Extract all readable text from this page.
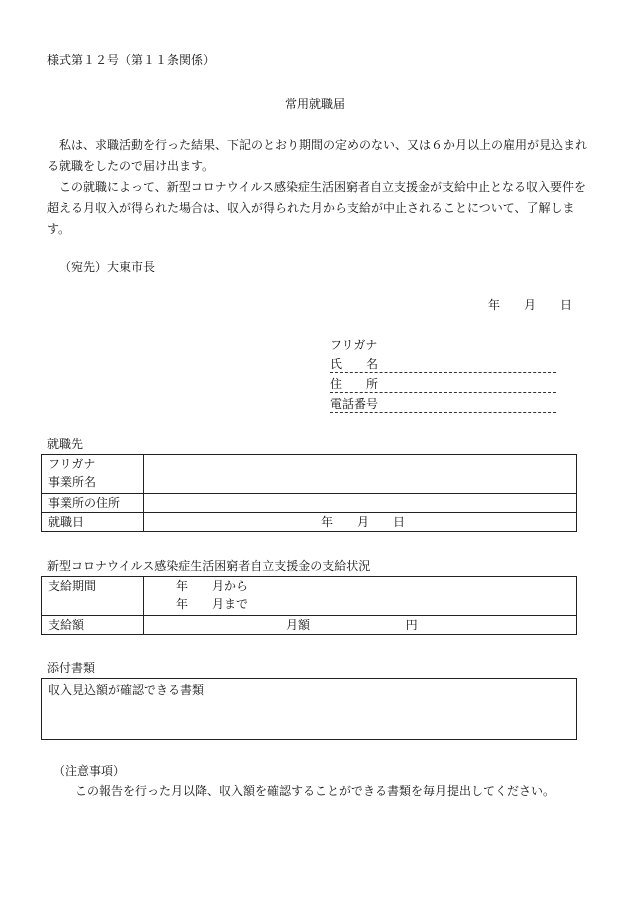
様式第１２号（第１１条関係）
常用就職届
私は、求職活動を行った結果、下記のとおり期間の定めのない、又は６か月以上の雇用が見込まれる就職をしたので届け出ます。
この就職によって、新型コロナウイルス感染症生活困窮者自立支援金が支給中止となる収入要件を超える月収入が得られた場合は、収入が得られた月から支給が中止されることについて、了解します。
（宛先）大東市長
年　　月　　日
フリガナ
氏　　名
住　　所
電話番号
就職先
フリガナ
事業所名	

事業所の住所	
就職日	年　　月　　日
新型コロナウイルス感染症生活困窮者自立支援金の支給状況
支給期間	年　　月から
年　　月まで

支給額	月額 円
添付書類
収入見込額が確認できる書類
（注意事項）
この報告を行った月以降、収入額を確認することができる書類を毎月提出してください。
